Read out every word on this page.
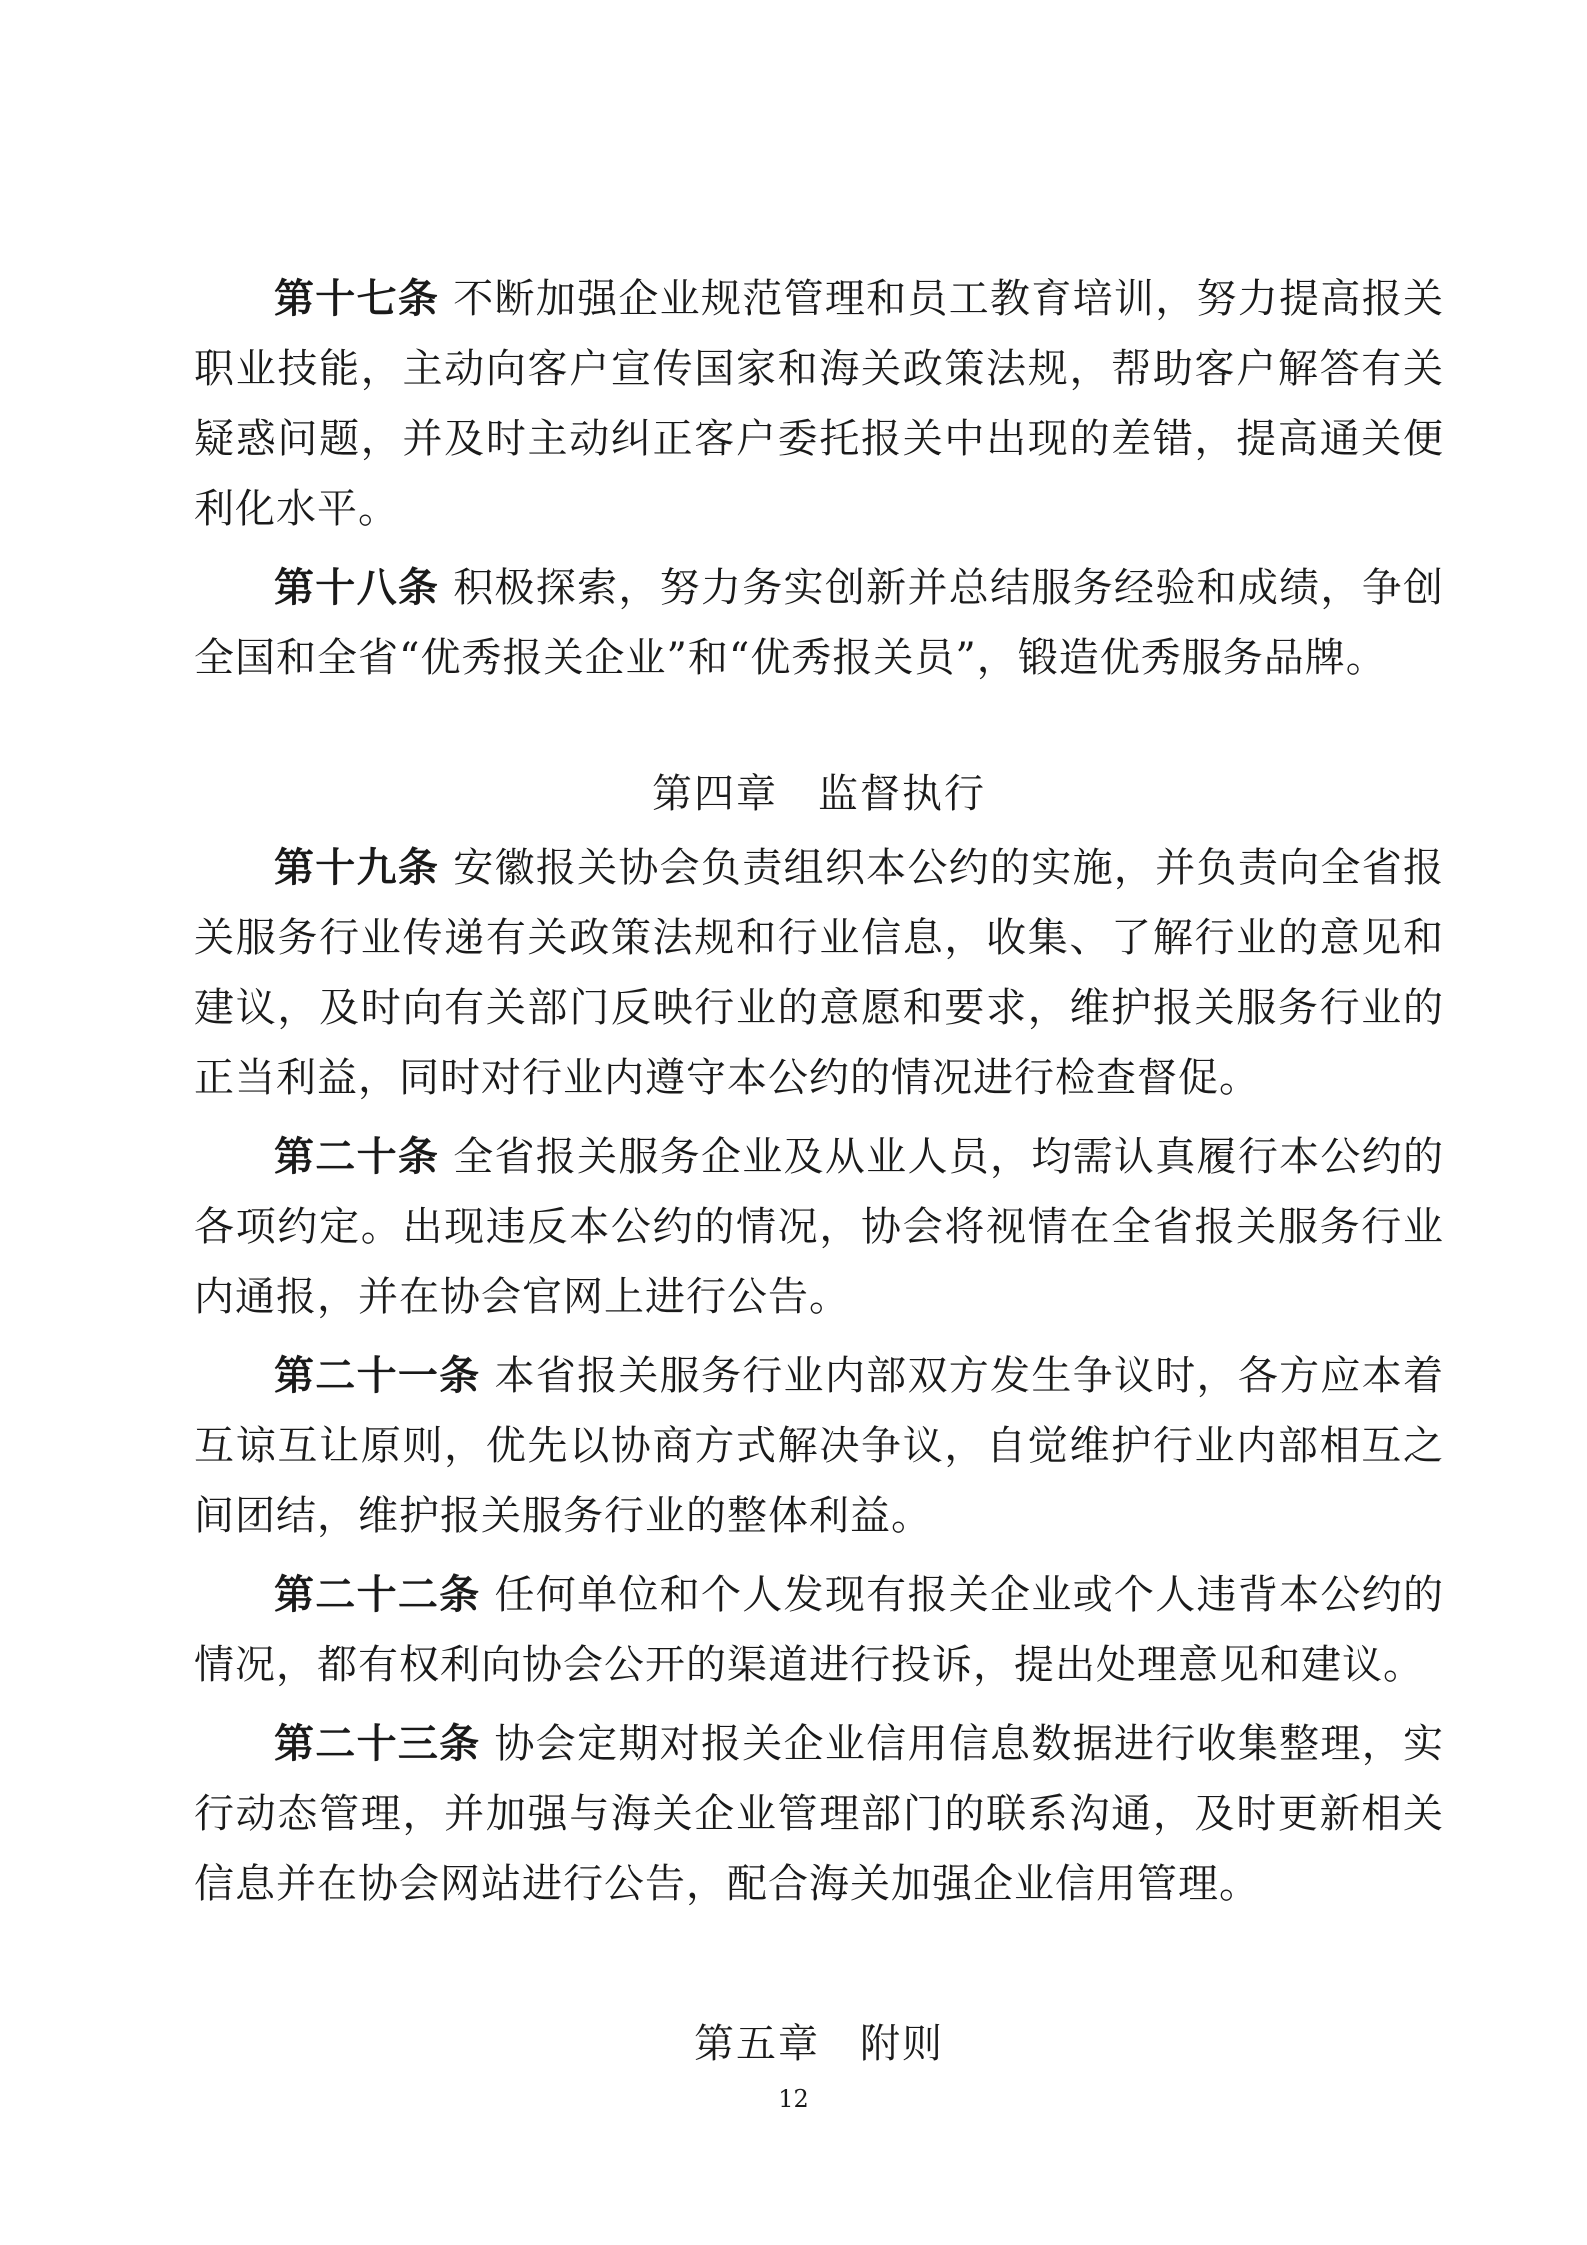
第十七条 不断加强企业规范管理和员工教育培训，努力提高报关职业技能，主动向客户宣传国家和海关政策法规，帮助客户解答有关疑惑问题，并及时主动纠正客户委托报关中出现的差错，提高通关便利化水平。

第十八条 积极探索，努力务实创新并总结服务经验和成绩，争创全国和全省“优秀报关企业”和“优秀报关员”，锻造优秀服务品牌。

第四章 监督执行

第十九条 安徽报关协会负责组织本公约的实施，并负责向全省报关服务行业传递有关政策法规和行业信息，收集、了解行业的意见和建议，及时向有关部门反映行业的意愿和要求，维护报关服务行业的正当利益，同时对行业内遵守本公约的情况进行检查督促。

第二十条 全省报关服务企业及从业人员，均需认真履行本公约的各项约定。出现违反本公约的情况，协会将视情在全省报关服务行业内通报，并在协会官网上进行公告。

第二十一条 本省报关服务行业内部双方发生争议时，各方应本着互谅互让原则，优先以协商方式解决争议，自觉维护行业内部相互之间团结，维护报关服务行业的整体利益。

第二十二条 任何单位和个人发现有报关企业或个人违背本公约的情况，都有权利向协会公开的渠道进行投诉，提出处理意见和建议。

第二十三条 协会定期对报关企业信用信息数据进行收集整理，实行动态管理，并加强与海关企业管理部门的联系沟通，及时更新相关信息并在协会网站进行公告，配合海关加强企业信用管理。

第五章 附则
12
